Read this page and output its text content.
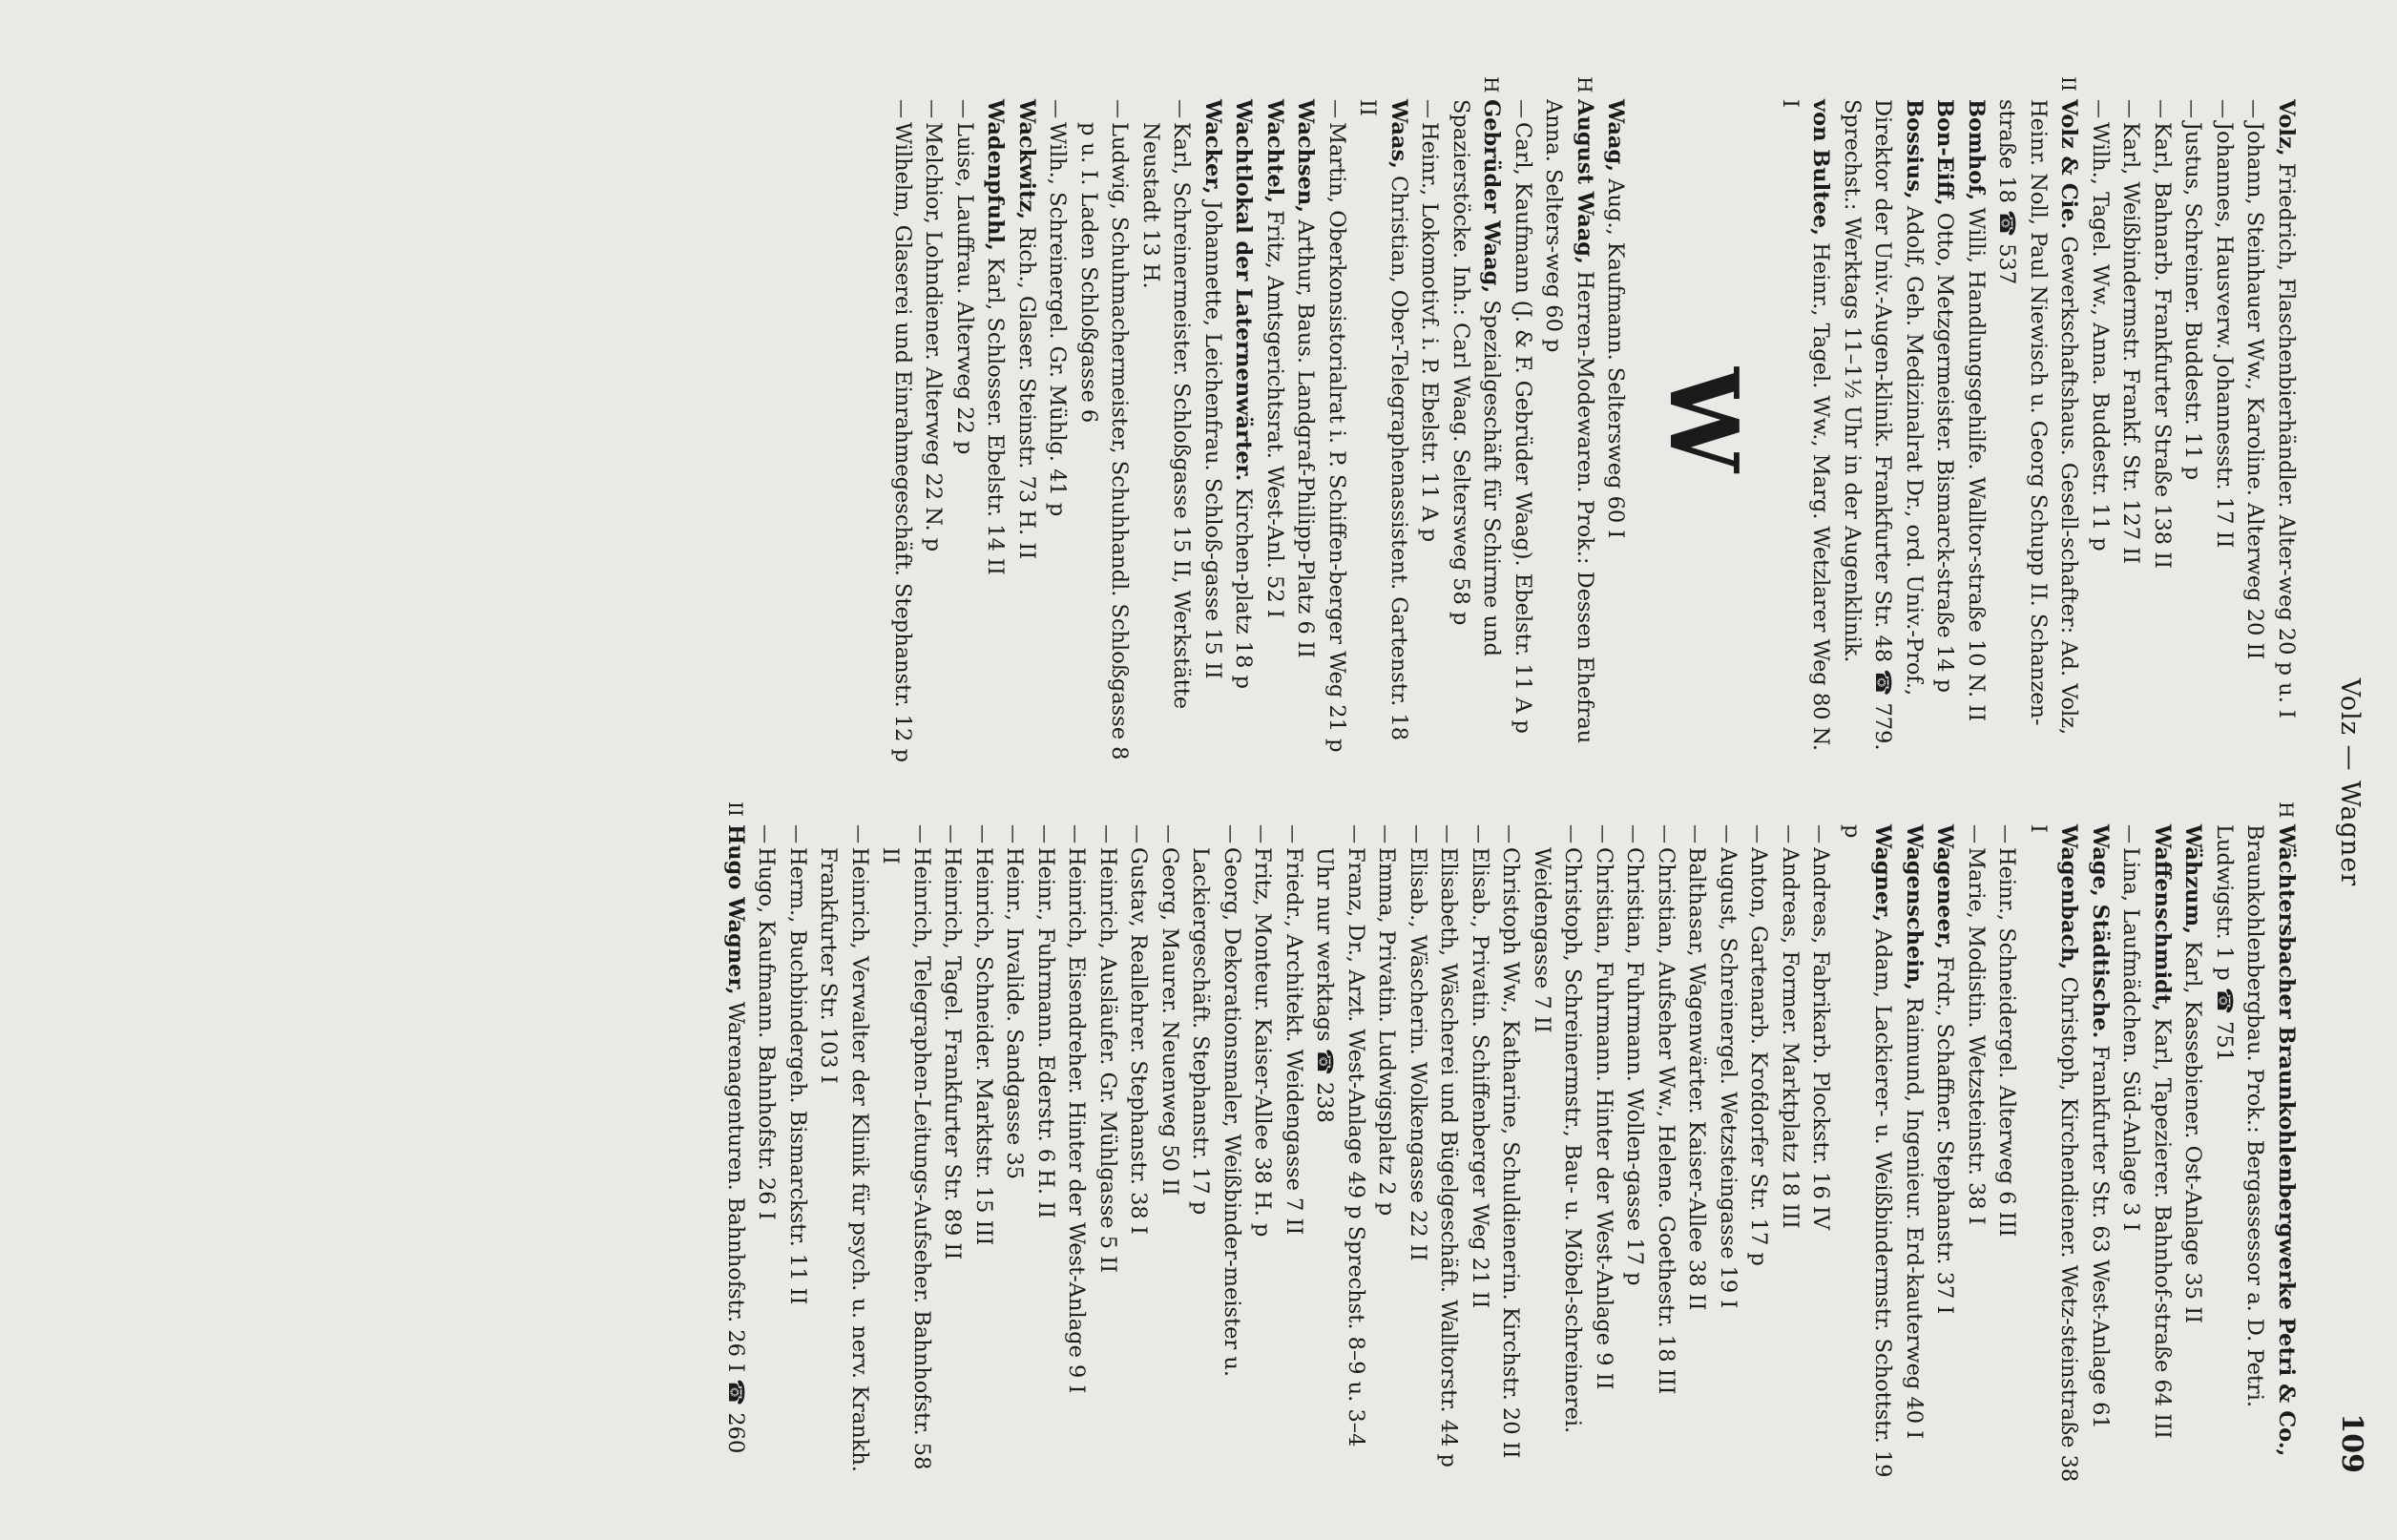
Volz — Wagner
109
Volz, Friedrich, Flaschenbierhändler. Alter-weg 20 p u. I
—
Johann, Steinhauer Ww., Karoline. Alterweg 20 II
—
Johannes, Hausverw. Johannesstr. 17 II
—
Justus, Schreiner. Buddestr. 11 p
—
Karl, Bahnarb. Frankfurter Straße 138 II
—
Karl, Weißbindermstr. Frankf. Str. 127 II
—
Wilh., Tagel. Ww., Anna. Buddestr. 11 p
II
Volz & Cie. Gewerkschaftshaus. Gesell-schafter: Ad. Volz, Heinr. Noll, Paul Niewisch u. Georg Schupp II. Schanzen-straße 18 ☎ 537
Bomhof, Willi, Handlungsgehilfe. Walltor-straße 10 N. II
Bon-Eiff, Otto, Metzgermeister. Bismarck-straße 14 p
Bossius, Adolf, Geh. Medizinalrat Dr., ord. Univ.-Prof., Direktor der Univ.-Augen-klinik. Frankfurter Str. 48 ☎ 779. Sprechst.: Werktags 11–1½ Uhr in der Augenklinik.
von Bultee, Heinr., Tagel. Ww., Marg. Wetzlarer Weg 80 N. I
W
Waag, Aug., Kaufmann. Seltersweg 60 I
H
August Waag, Herren-Modewaren. Prok.: Dessen Ehefrau Anna. Selters-weg 60 p
—
Carl, Kaufmann (J. & F. Gebrüder Waag). Ebelstr. 11 A p
H
Gebrüder Waag, Spezialgeschäft für Schirme und Spazierstöcke. Inh.: Carl Waag. Seltersweg 58 p
—
Heinr., Lokomotivf. i. P. Ebelstr. 11 A p
Waas, Christian, Ober-Telegraphenassistent. Gartenstr. 18 II
—
Martin, Oberkonsistorialrat i. P. Schiffen-berger Weg 21 p
Wachsen, Arthur, Baus. Landgraf-Philipp-Platz 6 II
Wachtel, Fritz, Amtsgerichtsrat. West-Anl. 52 I
Wachtlokal der Laternenwärter. Kirchen-platz 18 p
Wacker, Johannette, Leichenfrau. Schloß-gasse 15 II
—
Karl, Schreinermeister. Schloßgasse 15 II, Werkstätte Neustadt 13 H.
—
Ludwig, Schuhmachermeister, Schuhhandl. Schloßgasse 8 p u. I. Laden Schloßgasse 6
—
Wilh., Schreinergel. Gr. Mühlg. 41 p
Wackwitz, Rich., Glaser. Steinstr. 73 H. II
Wadenpfuhl, Karl, Schlosser. Ebelstr. 14 II
—
Luise, Lauffrau. Alterweg 22 p
—
Melchior, Lohndiener. Alterweg 22 N. p
—
Wilhelm, Glaserei und Einrahmegeschäft. Stephanstr. 12 p
H
Wächtersbacher Braunkohlenbergwerke Petri & Co., Braunkohlenbergbau. Prok.: Bergassessor a. D. Petri. Ludwigstr. 1 p ☎ 751
Wähzum, Karl, Kassebiener. Ost-Anlage 35 II
Waffenschmidt, Karl, Tapezierer. Bahnhof-straße 64 III
—
Lina, Laufmädchen. Süd-Anlage 3 I
Wage, Städtische. Frankfurter Str. 63 West-Anlage 61
Wagenbach, Christoph, Kirchendiener. Wetz-steinstraße 38 I
—
Heinr., Schneidergel. Alterweg 6 III
—
Marie, Modistin. Wetzsteinstr. 38 I
Wageneer, Frdr., Schaffner. Stephanstr. 37 I
Wagenschein, Raimund, Ingenieur. Erd-kauterweg 40 I
Wagner, Adam, Lackierer- u. Weißbindermstr. Schottstr. 19 p
—
Andreas, Fabrikarb. Plockstr. 16 IV
—
Andreas, Former. Marktplatz 18 III
—
Anton, Gartenarb. Krofdorfer Str. 17 p
—
August, Schreinergel. Wetzsteingasse 19 I
—
Balthasar, Wagenwärter. Kaiser-Allee 38 II
—
Christian, Aufseher Ww., Helene. Goethestr. 18 III
—
Christian, Fuhrmann. Wollen-gasse 17 p
—
Christian, Fuhrmann. Hinter der West-Anlage 9 II
—
Christoph, Schreinermstr., Bau- u. Möbel-schreinerei. Weidengasse 7 II
—
Christoph Ww., Katharine, Schuldienerin. Kirchstr. 20 II
—
Elisab., Privatin. Schiffenberger Weg 21 II
—
Elisabeth, Wäscherei und Bügelgeschäft. Walltorstr. 44 p
—
Elisab., Wäscherin. Wolkengasse 22 II
—
Emma, Privatin. Ludwigsplatz 2 p
—
Franz, Dr., Arzt. West-Anlage 49 p Sprechst. 8–9 u. 3–4 Uhr nur werktags ☎ 238
—
Friedr., Architekt. Weidengasse 7 II
—
Fritz, Monteur. Kaiser-Allee 38 H. p
—
Georg, Dekorationsmaler, Weißbinder-meister u. Lackiergeschäft. Stephanstr. 17 p
—
Georg, Maurer. Neuenweg 50 II
—
Gustav, Reallehrer. Stephanstr. 38 I
—
Heinrich, Ausläufer. Gr. Mühlgasse 5 II
—
Heinrich, Eisendreher. Hinter der West-Anlage 9 I
—
Heinr., Fuhrmann. Ederstr. 6 H. II
—
Heinr., Invalide. Sandgasse 35
—
Heinrich, Schneider. Marktstr. 15 III
—
Heinrich, Tagel. Frankfurter Str. 89 II
—
Heinrich, Telegraphen-Leitungs-Aufseher. Bahnhofstr. 58 II
—
Heinrich, Verwalter der Klinik für psych. u. nerv. Krankh. Frankfurter Str. 103 I
—
Herm., Buchbindergeh. Bismarckstr. 11 II
—
Hugo, Kaufmann. Bahnhofstr. 26 I
II
Hugo Wagner, Warenagenturen. Bahnhofstr. 26 I ☎ 260
